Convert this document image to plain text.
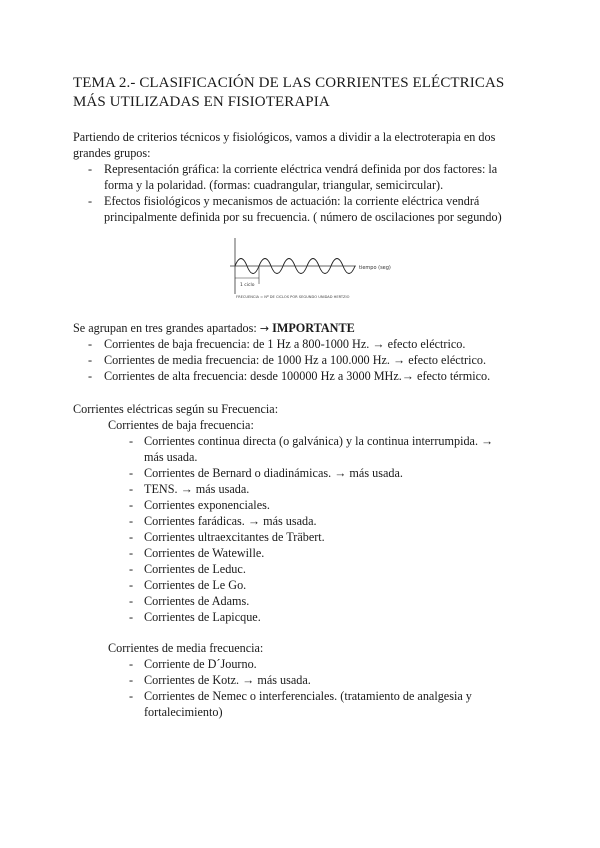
TEMA 2.- CLASIFICACIÓN DE LAS CORRIENTES ELÉCTRICAS MÁS UTILIZADAS EN FISIOTERAPIA
Partiendo de criterios técnicos y fisiológicos, vamos a dividir a la electroterapia en dos grandes grupos:
- Representación gráfica: la corriente eléctrica vendrá definida por dos factores: la forma y la polaridad. (formas: cuadrangular, triangular, semicircular).
- Efectos fisiológicos y mecanismos de actuación: la corriente eléctrica vendrá principalmente definida por su frecuencia. ( número de oscilaciones por segundo)
1 ciclo
tiempo (seg)
FRECUENCIA = Nº DE CICLOS POR SEGUNDO UNIDAD HERTZIO
Se agrupan en tres grandes apartados: → IMPORTANTE
- Corrientes de baja frecuencia: de 1 Hz a 800-1000 Hz. → efecto eléctrico.
- Corrientes de media frecuencia: de 1000 Hz a 100.000 Hz. → efecto eléctrico.
- Corrientes de alta frecuencia: desde 100000 Hz a 3000 MHz.→ efecto térmico.
Corrientes eléctricas según su Frecuencia:
Corrientes de baja frecuencia:
- Corrientes continua directa (o galvánica) y la continua interrumpida. → más usada.
- Corrientes de Bernard o diadinámicas. → más usada.
- TENS. → más usada.
- Corrientes exponenciales.
- Corrientes farádicas. → más usada.
- Corrientes ultraexcitantes de Träbert.
- Corrientes de Watewille.
- Corrientes de Leduc.
- Corrientes de Le Go.
- Corrientes de Adams.
- Corrientes de Lapicque.
Corrientes de media frecuencia:
- Corriente de D´Journo.
- Corrientes de Kotz. → más usada.
- Corrientes de Nemec o interferenciales. (tratamiento de analgesia y fortalecimiento)
